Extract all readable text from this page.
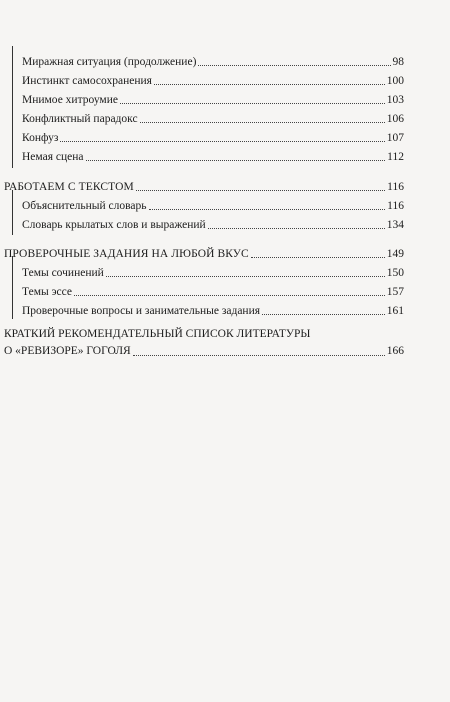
Миражная ситуация (продолжение)	98
Инстинкт самосохранения	100
Мнимое хитроумие	103
Конфликтный парадокс	106
Конфуз	107
Немая сцена	112
РАБОТАЕМ С ТЕКСТОМ	116
Объяснительный словарь	116
Словарь крылатых слов и выражений	134
ПРОВЕРОЧНЫЕ ЗАДАНИЯ НА ЛЮБОЙ ВКУС	149
Темы сочинений	150
Темы эссе	157
Проверочные вопросы и занимательные задания	161
КРАТКИЙ РЕКОМЕНДАТЕЛЬНЫЙ СПИСОК ЛИТЕРАТУРЫ
О «РЕВИЗОРЕ» ГОГОЛЯ	166
